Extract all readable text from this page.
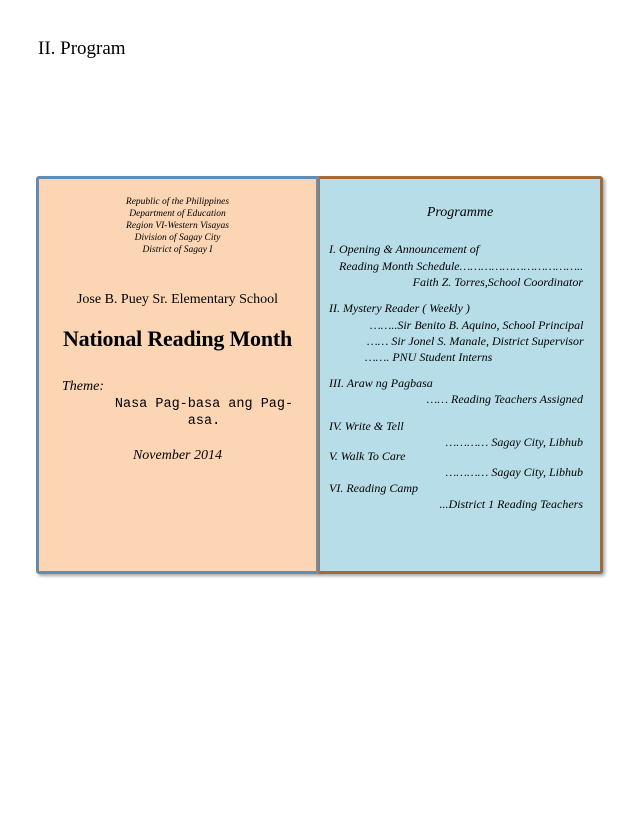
II. Program
Republic of the Philippines
Department of Education
Region VI-Western Visayas
Division of Sagay City
District of Sagay I
Jose B. Puey Sr. Elementary School
National Reading Month
Theme:
Nasa Pag-basa ang Pag-asa.
November 2014
Programme
I. Opening & Announcement of
Reading Month Schedule……………………………..
Faith Z. Torres,School Coordinator
II. Mystery Reader ( Weekly )
……..Sir Benito B. Aquino, School Principal
…… Sir Jonel S. Manale, District Supervisor
……. PNU Student Interns
III. Araw ng Pagbasa
…… Reading Teachers Assigned
IV. Write & Tell
………… Sagay City, Libhub
V. Walk To Care
………… Sagay City, Libhub
VI. Reading Camp
...District 1 Reading Teachers
